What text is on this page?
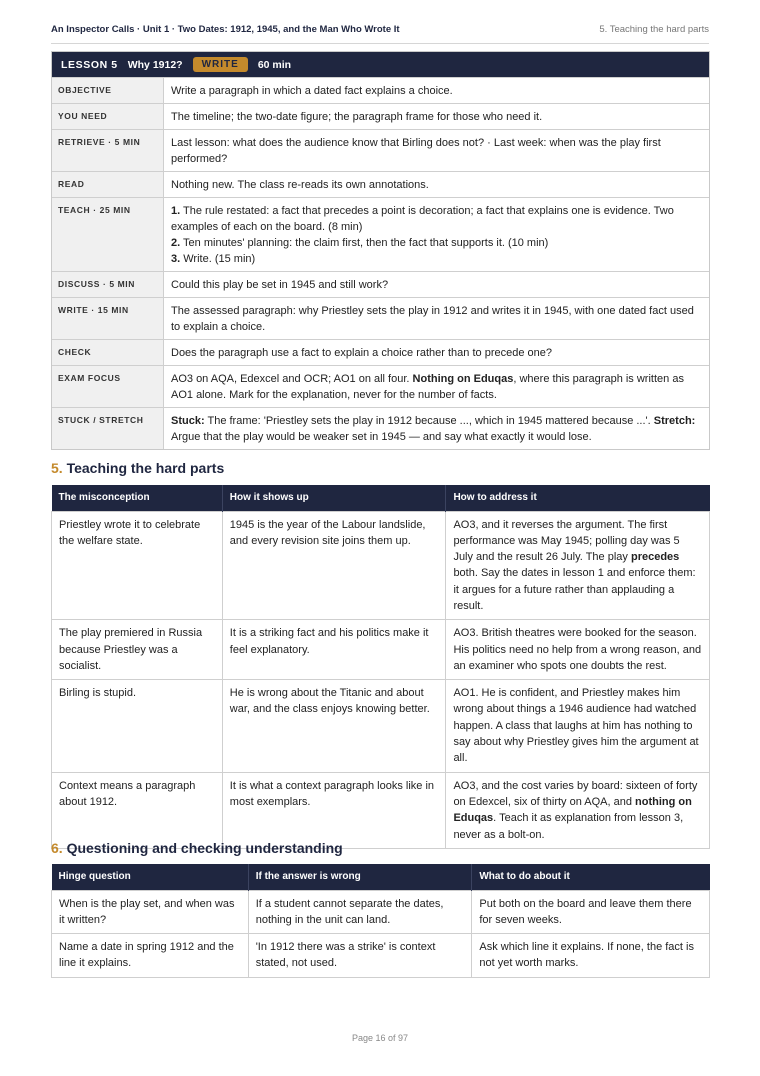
An Inspector Calls · Unit 1 · Two Dates: 1912, 1945, and the Man Who Wrote It	5. Teaching the hard parts
LESSON 5 Why 1912?	WRITE	60 min
OBJECTIVE	Write a paragraph in which a dated fact explains a choice.
YOU NEED	The timeline; the two-date figure; the paragraph frame for those who need it.
RETRIEVE · 5 MIN	Last lesson: what does the audience know that Birling does not? · Last week: when was the play first performed?
READ	Nothing new. The class re-reads its own annotations.
TEACH · 25 MIN	1. The rule restated: a fact that precedes a point is decoration; a fact that explains one is evidence. Two examples of each on the board. (8 min)
2. Ten minutes' planning: the claim first, then the fact that supports it. (10 min)
3. Write. (15 min)
DISCUSS · 5 MIN	Could this play be set in 1945 and still work?
WRITE · 15 MIN	The assessed paragraph: why Priestley sets the play in 1912 and writes it in 1945, with one dated fact used to explain a choice.
CHECK	Does the paragraph use a fact to explain a choice rather than to precede one?
EXAM FOCUS	AO3 on AQA, Edexcel and OCR; AO1 on all four. Nothing on Eduqas, where this paragraph is written as AO1 alone. Mark for the explanation, never for the number of facts.
STUCK / STRETCH	Stuck: The frame: 'Priestley sets the play in 1912 because ..., which in 1945 mattered because ...'. Stretch: Argue that the play would be weaker set in 1945 — and say what exactly it would lose.
5. Teaching the hard parts
The misconception	How it shows up	How to address it
Priestley wrote it to celebrate the welfare state.	1945 is the year of the Labour landslide, and every revision site joins them up.	AO3, and it reverses the argument. The first performance was May 1945; polling day was 5 July and the result 26 July. The play precedes both. Say the dates in lesson 1 and enforce them: it argues for a future rather than applauding a result.
The play premiered in Russia because Priestley was a socialist.	It is a striking fact and his politics make it feel explanatory.	AO3. British theatres were booked for the season. His politics need no help from a wrong reason, and an examiner who spots one doubts the rest.
Birling is stupid.	He is wrong about the Titanic and about war, and the class enjoys knowing better.	AO1. He is confident, and Priestley makes him wrong about things a 1946 audience had watched happen. A class that laughs at him has nothing to say about why Priestley gives him the argument at all.
Context means a paragraph about 1912.	It is what a context paragraph looks like in most exemplars.	AO3, and the cost varies by board: sixteen of forty on Edexcel, six of thirty on AQA, and nothing on Eduqas. Teach it as explanation from lesson 3, never as a bolt-on.
6. Questioning and checking understanding
Hinge question	If the answer is wrong	What to do about it
When is the play set, and when was it written?	If a student cannot separate the dates, nothing in the unit can land.	Put both on the board and leave them there for seven weeks.
Name a date in spring 1912 and the line it explains.	'In 1912 there was a strike' is context stated, not used.	Ask which line it explains. If none, the fact is not yet worth marks.
Page 16 of 97
